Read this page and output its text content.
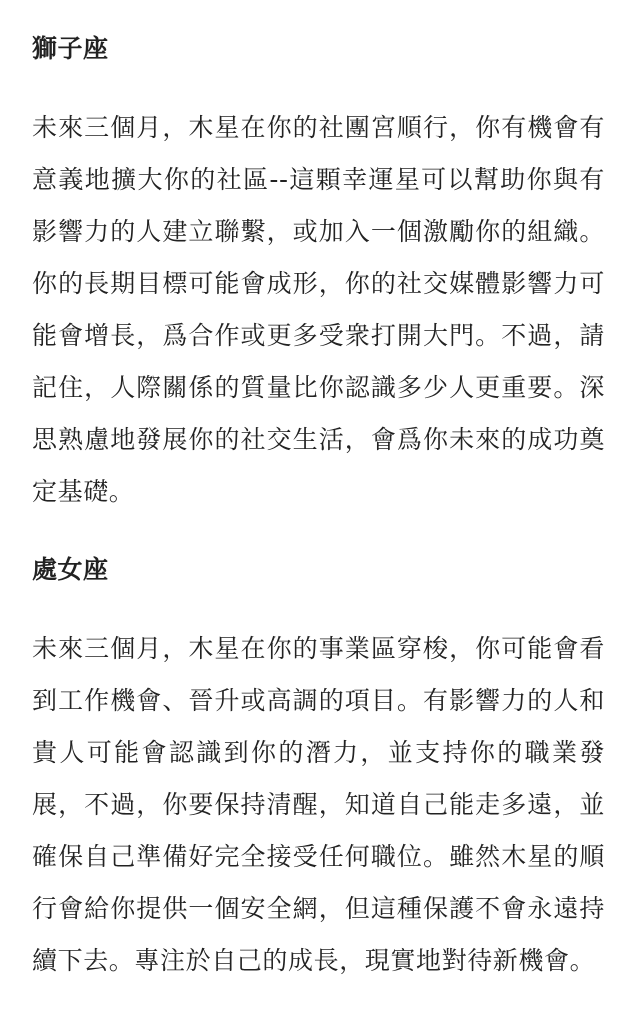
獅子座

未來三個月，木星在你的社團宮順行，你有機會有意義地擴大你的社區--這顆幸運星可以幫助你與有影響力的人建立聯繫，或加入一個激勵你的組織。你的長期目標可能會成形，你的社交媒體影響力可能會增長，爲合作或更多受衆打開大門。不過，請記住，人際關係的質量比你認識多少人更重要。深思熟慮地發展你的社交生活，會爲你未來的成功奠定基礎。

處女座

未來三個月，木星在你的事業區穿梭，你可能會看到工作機會、晉升或高調的項目。有影響力的人和貴人可能會認識到你的潛力，並支持你的職業發展，不過，你要保持清醒，知道自己能走多遠，並確保自己準備好完全接受任何職位。雖然木星的順行會給你提供一個安全網，但這種保護不會永遠持續下去。專注於自己的成長，現實地對待新機會。
